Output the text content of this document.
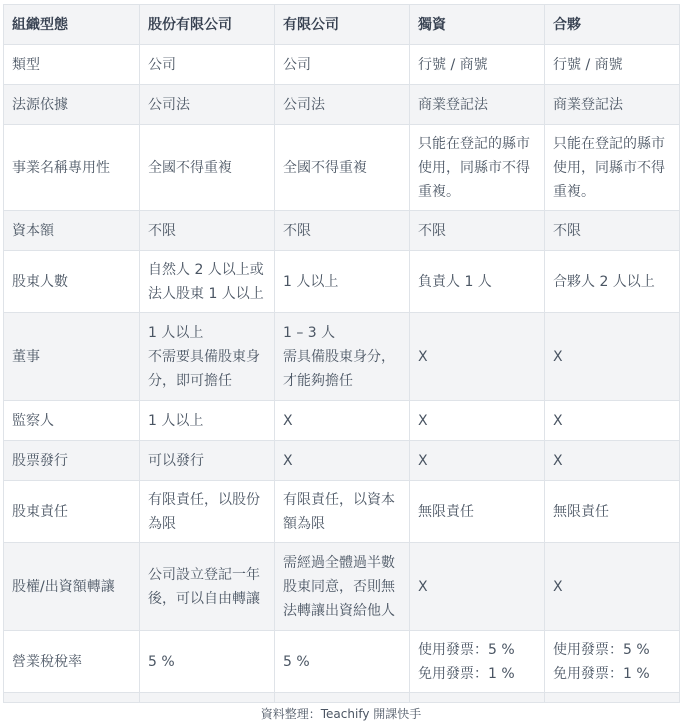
組織型態	股份有限公司	有限公司	獨資	合夥
類型	公司	公司	行號 / 商號	行號 / 商號

法源依據	公司法	公司法	商業登記法	商業登記法

事業名稱專用性	全國不得重複	全國不得重複	只能在登記的縣市
使用，同縣市不得
重複。	只能在登記的縣市
使用，同縣市不得
重複。

資本額	不限	不限	不限	不限

股東人數	自然人 2 人以上或
法人股東 1 人以上	1 人以上	負責人 1 人	合夥人 2 人以上

董事	1 人以上
不需要具備股東身
分，即可擔任	1 – 3 人
需具備股東身分，
才能夠擔任	X	X

監察人	1 人以上	X	X	X

股票發行	可以發行	X	X	X

股東責任	有限責任，以股份
為限	有限責任，以資本
額為限	無限責任	無限責任

股權/出資額轉讓	公司設立登記一年
後，可以自由轉讓	需經過全體過半數
股東同意，否則無
法轉讓出資給他人	X	X

營業稅稅率	5 %	5 %	使用發票：5 %
免用發票：1 %	使用發票：5 %
免用發票：1 %

資料整理：Teachify 開課快手
